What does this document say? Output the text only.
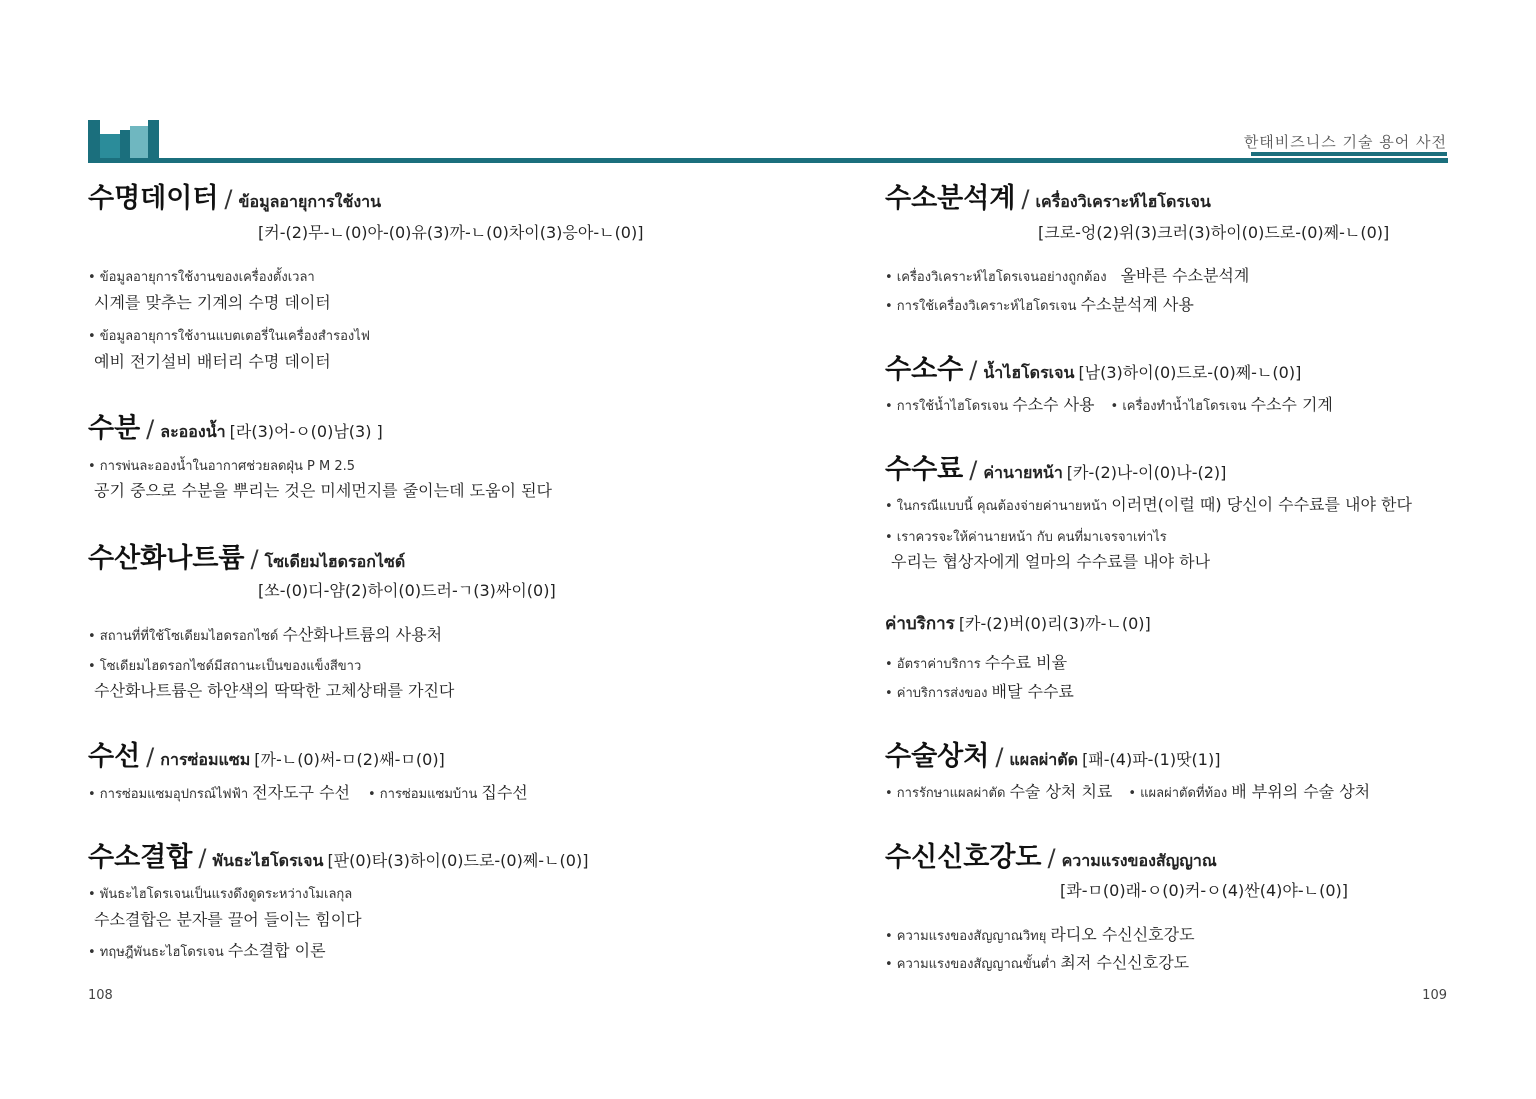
한태비즈니스 기술 용어 사전
수명데이터 / ข้อมูลอายุการใช้งาน
[커-(2)무-ㄴ(0)아-(0)유(3)까-ㄴ(0)차이(3)응아-ㄴ(0)]
• ข้อมูลอายุการใช้งานของเครื่องตั้งเวลา
시계를 맞추는 기계의 수명 데이터
• ข้อมูลอายุการใช้งานแบตเตอรี่ในเครื่องสำรองไฟ
예비 전기설비 배터리 수명 데이터
수분 / ละอองน้ำ [라(3)어-ㅇ(0)남(3) ]
• การพ่นละอองน้ำในอากาศช่วยลดฝุ่น P M 2.5
공기 중으로 수분을 뿌리는 것은 미세먼지를 줄이는데 도움이 된다
수산화나트륨 / โซเดียมไฮดรอกไซด์
[쏘-(0)디-얌(2)하이(0)드러-ㄱ(3)싸이(0)]
• สถานที่ที่ใช้โซเดียมไฮดรอกไซด์ 수산화나트륨의 사용처
• โซเดียมไฮดรอกไซด์มีสถานะเป็นของแข็งสีขาว
수산화나트륨은 하얀색의 딱딱한 고체상태를 가진다
수선 / การซ่อมแซม [까-ㄴ(0)써-ㅁ(2)쌔-ㅁ(0)]
• การซ่อมแซมอุปกรณ์ไฟฟ้า 전자도구 수선 • การซ่อมแซมบ้าน 집수선
수소결합 / พันธะไฮโดรเจน [판(0)타(3)하이(0)드로-(0)쩨-ㄴ(0)]
• พันธะไฮโดรเจนเป็นแรงดึงดูดระหว่างโมเลกุล
수소결합은 분자를 끌어 들이는 힘이다
• ทฤษฎีพันธะไฮโดรเจน 수소결합 이론
수소분석계 / เครื่องวิเคราะห์ไฮโดรเจน
[크로-엉(2)위(3)크러(3)하이(0)드로-(0)쩨-ㄴ(0)]
• เครื่องวิเคราะห์ไฮโดรเจนอย่างถูกต้อง 올바른 수소분석계
• การใช้เครื่องวิเคราะห์ไฮโดรเจน 수소분석계 사용
수소수 / น้ำไฮโดรเจน [남(3)하이(0)드로-(0)쩨-ㄴ(0)]
• การใช้น้ำไฮโดรเจน 수소수 사용 • เครื่องทำน้ำไฮโดรเจน 수소수 기계
수수료 / ค่านายหน้า [카-(2)나-이(0)나-(2)]
• ในกรณีแบบนี้ คุณต้องจ่ายค่านายหน้า 이러면(이럴 때) 당신이 수수료를 내야 한다
• เราควรจะให้ค่านายหน้า กับ คนที่มาเจรจาเท่าไร
우리는 협상자에게 얼마의 수수료를 내야 하나
ค่าบริการ [카-(2)버(0)리(3)까-ㄴ(0)]
• อัตราค่าบริการ 수수료 비율
• ค่าบริการส่งของ 배달 수수료
수술상처 / แผลผ่าตัด [패-(4)파-(1)땃(1)]
• การรักษาแผลผ่าตัด 수술 상처 치료 • แผลผ่าตัดที่ท้อง 배 부위의 수술 상처
수신신호강도 / ความแรงของสัญญาณ
[콰-ㅁ(0)래-ㅇ(0)커-ㅇ(4)싼(4)야-ㄴ(0)]
• ความแรงของสัญญาณวิทยุ 라디오 수신신호강도
• ความแรงของสัญญาณขั้นต่ำ 최저 수신신호강도
108	109
